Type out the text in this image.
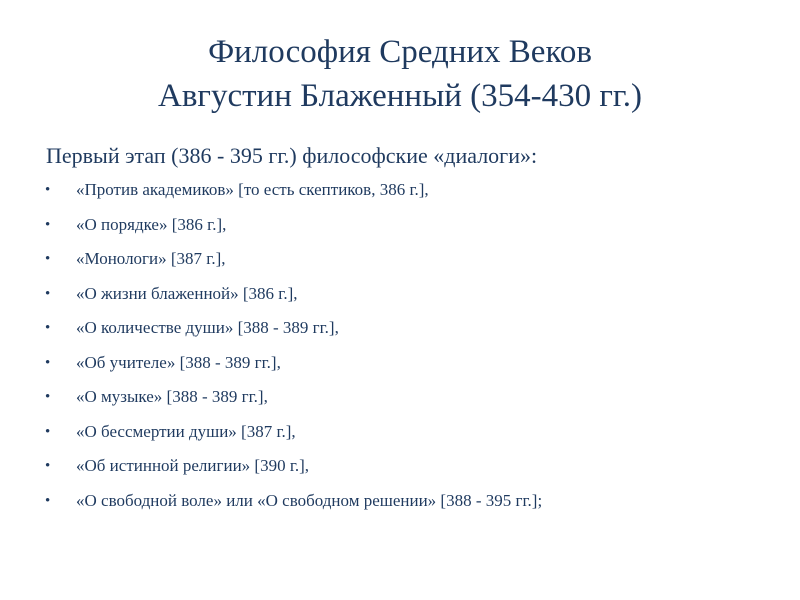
Философия Средних Веков
Августин Блаженный (354-430 гг.)
Первый этап (386 - 395 гг.) философские «диалоги»:
• «Против академиков» [то есть скептиков, 386 г.],
• «О порядке» [386 г.],
• «Монологи» [387 г.],
• «О жизни блаженной» [386 г.],
• «О количестве души» [388 - 389 гг.],
• «Об учителе» [388 - 389 гг.],
• «О музыке» [388 - 389 гг.],
• «О бессмертии души» [387 г.],
• «Об истинной религии» [390 г.],
• «О свободной воле» или «О свободном решении» [388 - 395 гг.];
